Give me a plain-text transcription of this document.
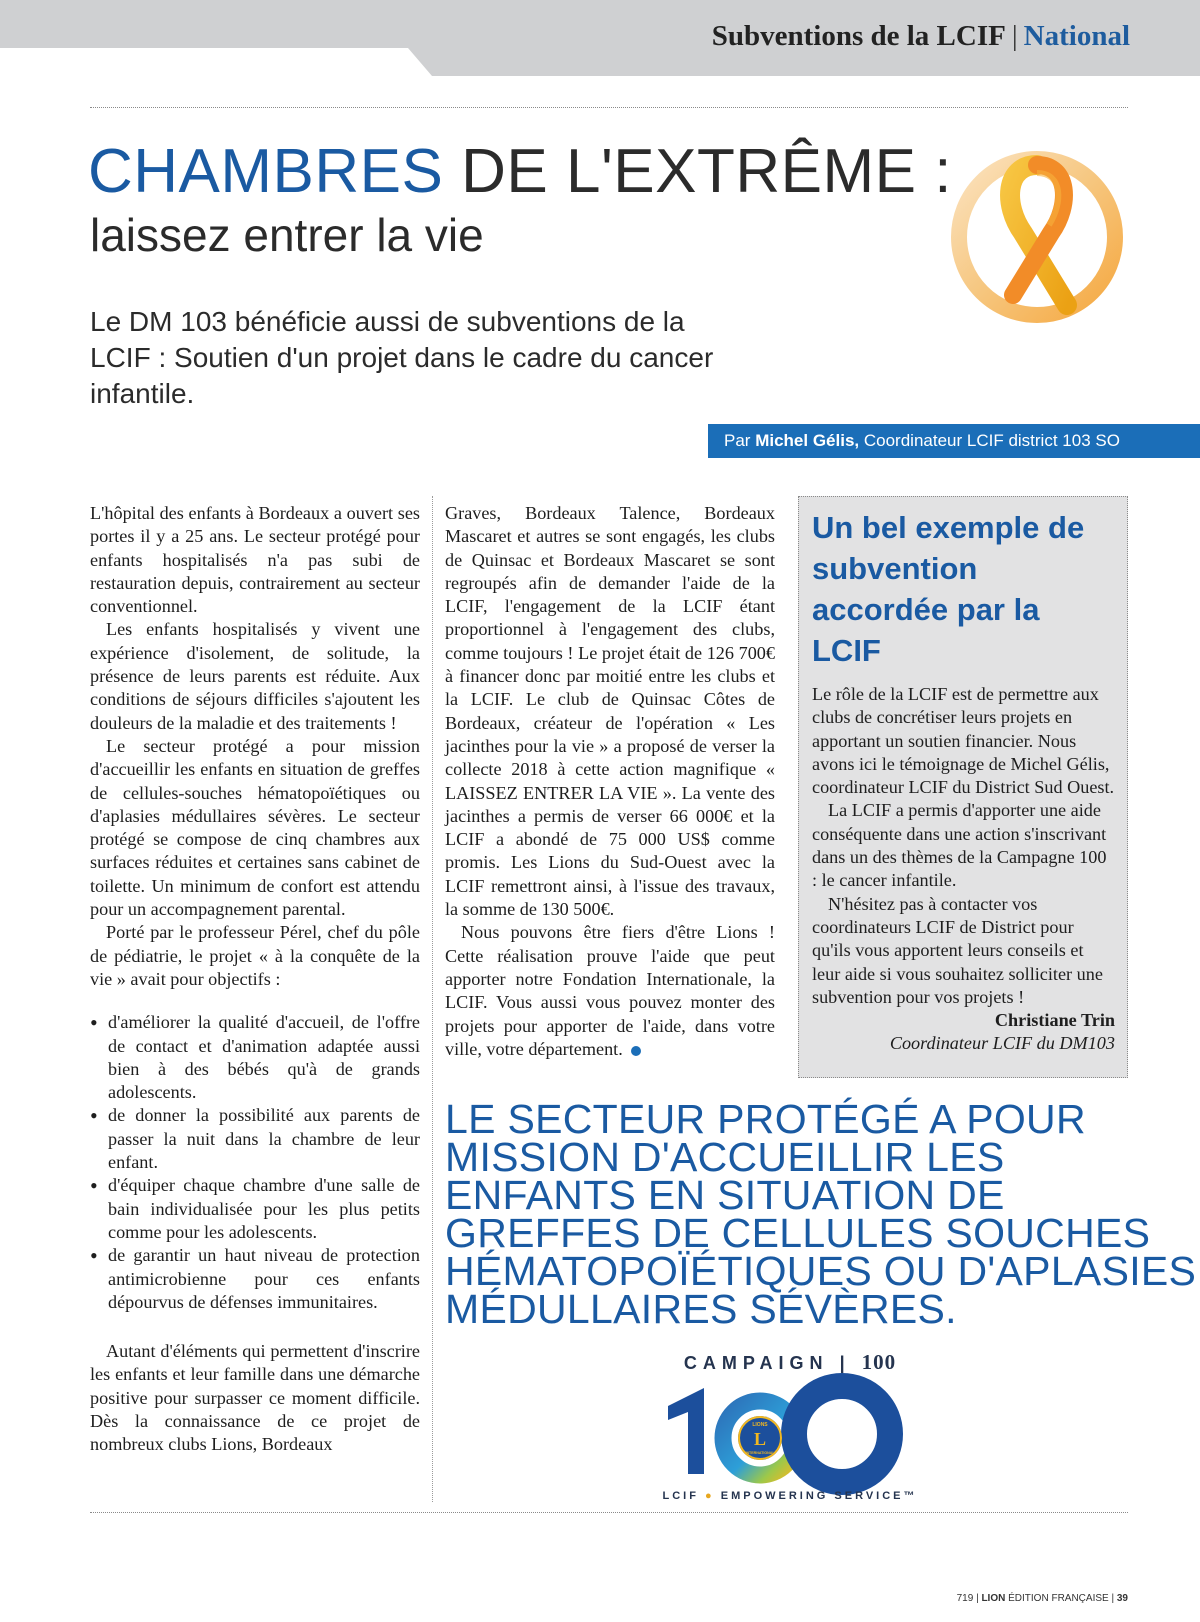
Subventions de la LCIF | National
CHAMBRES DE L'EXTRÊME :
laissez entrer la vie
Le DM 103 bénéficie aussi de subventions de la LCIF : Soutien d'un projet dans le cadre du cancer infantile.
Par Michel Gélis, Coordinateur LCIF district 103 SO

L'hôpital des enfants à Bordeaux a ouvert ses portes il y a 25 ans. Le secteur protégé pour enfants hospitalisés n'a pas subi de restauration depuis, contrairement au secteur conventionnel.

Les enfants hospitalisés y vivent une expérience d'isolement, de solitude, la présence de leurs parents est réduite. Aux conditions de séjours difficiles s'ajoutent les douleurs de la maladie et des traitements !

Le secteur protégé a pour mission d'accueillir les enfants en situation de greffes de cellules-souches hématopoïétiques ou d'aplasies médullaires sévères. Le secteur protégé se compose de cinq chambres aux surfaces réduites et certaines sans cabinet de toilette. Un minimum de confort est attendu pour un accompagnement parental.

Porté par le professeur Pérel, chef du pôle de pédiatrie, le projet « à la conquête de la vie » avait pour objectifs :

• d'améliorer la qualité d'accueil, de l'offre de contact et d'animation adaptée aussi bien à des bébés qu'à de grands adolescents.
• de donner la possibilité aux parents de passer la nuit dans la chambre de leur enfant.
• d'équiper chaque chambre d'une salle de bain individualisée pour les plus petits comme pour les adolescents.
• de garantir un haut niveau de protection antimicrobienne pour ces enfants dépourvus de défenses immunitaires.

Autant d'éléments qui permettent d'inscrire les enfants et leur famille dans une démarche positive pour surpasser ce moment difficile. Dès la connaissance de ce projet de nombreux clubs Lions, Bordeaux

Graves, Bordeaux Talence, Bordeaux Mascaret et autres se sont engagés, les clubs de Quinsac et Bordeaux Mascaret se sont regroupés afin de demander l'aide de la LCIF, l'engagement de la LCIF étant proportionnel à l'engagement des clubs, comme toujours ! Le projet était de 126 700€ à financer donc par moitié entre les clubs et la LCIF. Le club de Quinsac Côtes de Bordeaux, créateur de l'opération « Les jacinthes pour la vie » a proposé de verser la collecte 2018 à cette action magnifique « LAISSEZ ENTRER LA VIE ». La vente des jacinthes a permis de verser 66 000€ et la LCIF a abondé de 75 000 US$ comme promis. Les Lions du Sud-Ouest avec la LCIF remettront ainsi, à l'issue des travaux, la somme de 130 500€.

Nous pouvons être fiers d'être Lions ! Cette réalisation prouve l'aide que peut apporter notre Fondation Internationale, la LCIF. Vous aussi vous pouvez monter des projets pour apporter de l'aide, dans votre ville, votre département.

Un bel exemple de subvention accordée par la LCIF

Le rôle de la LCIF est de permettre aux clubs de concrétiser leurs projets en apportant un soutien financier. Nous avons ici le témoignage de Michel Gélis, coordinateur LCIF du District Sud Ouest.

La LCIF a permis d'apporter une aide conséquente dans une action s'inscrivant dans un des thèmes de la Campagne 100 : le cancer infantile.

N'hésitez pas à contacter vos coordinateurs LCIF de District pour qu'ils vous apportent leurs conseils et leur aide si vous souhaitez solliciter une subvention pour vos projets !

Christiane Trin

Coordinateur LCIF du DM103

LE SECTEUR PROTÉGÉ A POUR
MISSION D'ACCUEILLIR LES
ENFANTS EN SITUATION DE
GREFFES DE CELLULES SOUCHES
HÉMATOPOÏÉTIQUES OU D'APLASIES
MÉDULLAIRES SÉVÈRES.
CAMPAIGN | 100
L
LIONS
INTERNATIONAL
LCIF ● EMPOWERING SERVICE™
719 | LION ÉDITION FRANÇAISE | 39
